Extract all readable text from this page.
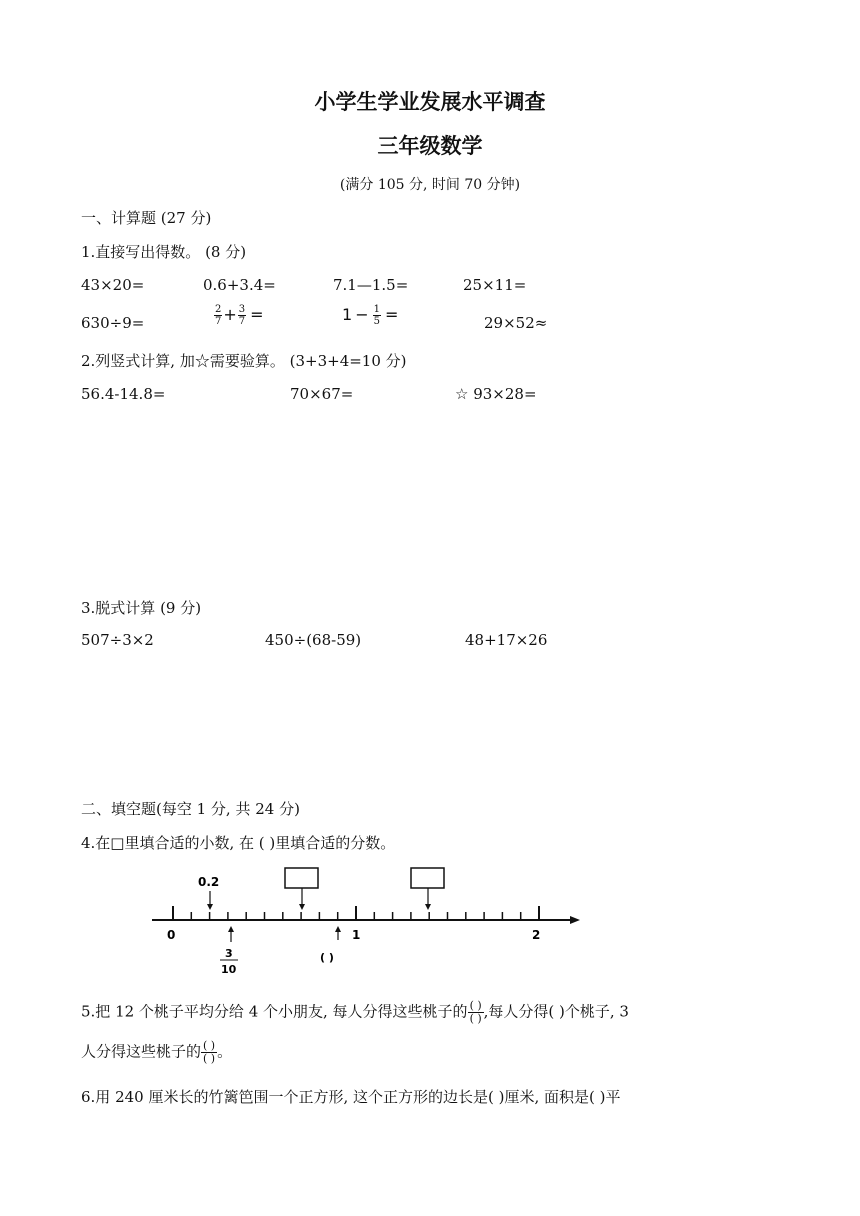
小学生学业发展水平调查
三年级数学
(满分 105 分, 时间 70 分钟)
一、计算题 (27 分)
1.直接写出得数。 (8 分)
43×20=	0.6+3.4=	7.1—1.5=	25×11=
630÷9=	$\frac{2}{7} + \frac{3}{7}$ =	$1 - \frac{1}{5}$ =	29×52≈
2.列竖式计算, 加☆需要验算。 (3+3+4=10 分)
56.4-14.8=	70×67=	☆ 93×28=
3.脱式计算 (9 分)
507÷3×2	450÷(68-59)	48+17×26
二、填空题(每空 1 分, 共 24 分)
4.在□里填合适的小数, 在 ( )里填合适的分数。
0	1	2
0.2
3
10
( )
5.把 12 个桃子平均分给 4 个小朋友, 每人分得这些桃子的 $\frac{( )}{( )}$ ,每人分得( )个桃子, 3
人分得这些桃子的 $\frac{( )}{( )}$ 。
6.用 240 厘米长的竹篱笆围一个正方形, 这个正方形的边长是( )厘米, 面积是( )平
